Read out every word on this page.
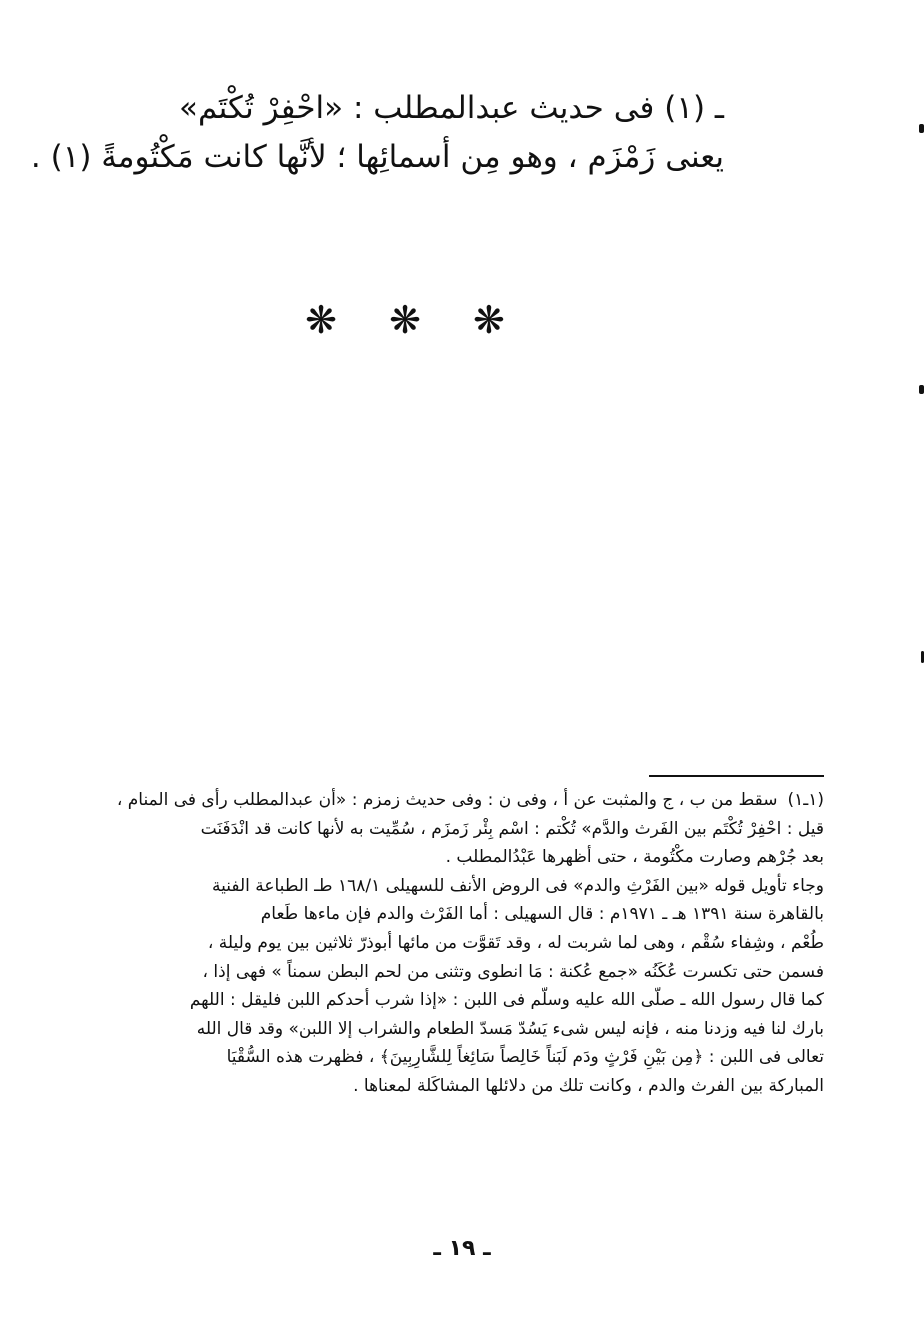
ـ (١) فى حديث عبدالمطلب : «احْفِرْ تُكْتَم»
يعنى زَمْزَم ، وهو مِن أسمائِها ؛ لأنَّها كانت مَكْتُومةً (١) .
❋ ❋ ❋
(١ـ١)سقط من ب ، ج والمثبت عن أ ، وفى ن : وفى حديث زمزم : «أن عبدالمطلب رأى فى المنام ،
قيل : احْفِرْ تُكْتَم بين الفَرث والدَّم» تُكْتم : اسْم بِئْر زَمزَم ، سُمِّيت به لأنها كانت قد انْدَفَنَت
بعد جُرْهم وصارت مكْتُومة ، حتى أظهرها عَبْدُالمطلب .
وجاء تأويل قوله «بين الفَرْثِ والدم» فى الروض الأنف للسهيلى ١٦٨/١ طـ الطباعة الفنية
بالقاهرة سنة ١٣٩١ هـ ـ ١٩٧١م : قال السهيلى : أما الفَرْث والدم فإن ماءها طَعام
طُعْم ، وشِفاء سُقْم ، وهى لما شربت له ، وقد تَقوَّت من مائها أبوذرّ ثلاثين بين يوم وليلة ،
فسمن حتى تكسرت عُكَنُه «جمع عُكنة : مَا انطوى وتثنى من لحم البطن سمناً » فهى إذا ،
كما قال رسول الله ـ صلّى الله عليه وسلّم فى اللبن : «إذا شرب أحدكم اللبن فليقل : اللهم
بارك لنا فيه وزدنا منه ، فإنه ليس شىء يَسُدّ مَسدّ الطعام والشراب إلا اللبن» وقد قال الله
تعالى فى اللبن : ﴿مِن بَيْنِ فَرْثٍ ودَم لَبَناً خَالِصاً سَائِغاً لِلشَّارِبِينَ﴾ ، فظهرت هذه السُّقْيَا
المباركة بين الفرث والدم ، وكانت تلك من دلائلها المشاكَلة لمعناها .
ـ ١٩ ـ
